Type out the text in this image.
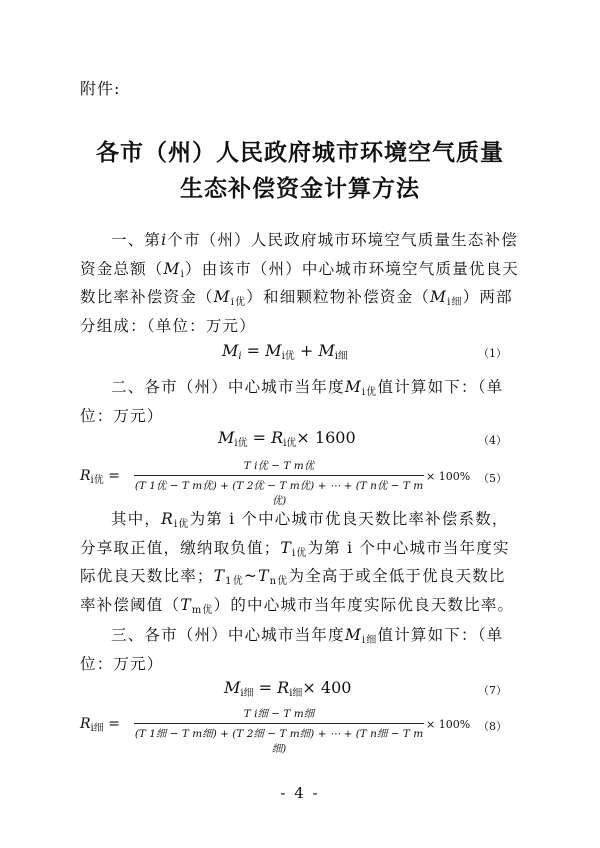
附件:
各市（州）人民政府城市环境空气质量
生态补偿资金计算方法
一、第i个市（州）人民政府城市环境空气质量生态补偿资金总额$(M_i)$由该市（州）中心城市环境空气质量优良天数比率补偿资金$(M_{i优})$和细颗粒物补偿资金$(M_{i细})$两部分组成：（单位：万元）
$M_i = M_{i优} + M_{i细}$	（1）
二、各市（州）中心城市当年度$M_{i优}$值计算如下：（单位：万元）
$M_{i优} = R_{i优}\times 1600$	（4）
$R_{i优}$ =
T i优 − T m优
(T 1优 − T m优) + (T 2优 − T m优) + ⋯ + (T n优 − T m优)
× 100% （5）
其中，$R_{i优}$为第 i 个中心城市优良天数比率补偿系数，分享取正值，缴纳取负值；$T_{i优}$为第 i 个中心城市当年度实际优良天数比率；$T_{1优}\sim T_{n优}$为全高于或全低于优良天数比率补偿阈值$(T_{m优})$的中心城市当年度实际优良天数比率。
三、各市（州）中心城市当年度$M_{i细}$值计算如下：（单位：万元）
$M_{i细} = R_{i细}\times 400$	（7）
$R_{i细}$ =
T i细 − T m细
(T 1细 − T m细) + (T 2细 − T m细) + ⋯ + (T n细 − T m细)
× 100% （8）
- 4 -
